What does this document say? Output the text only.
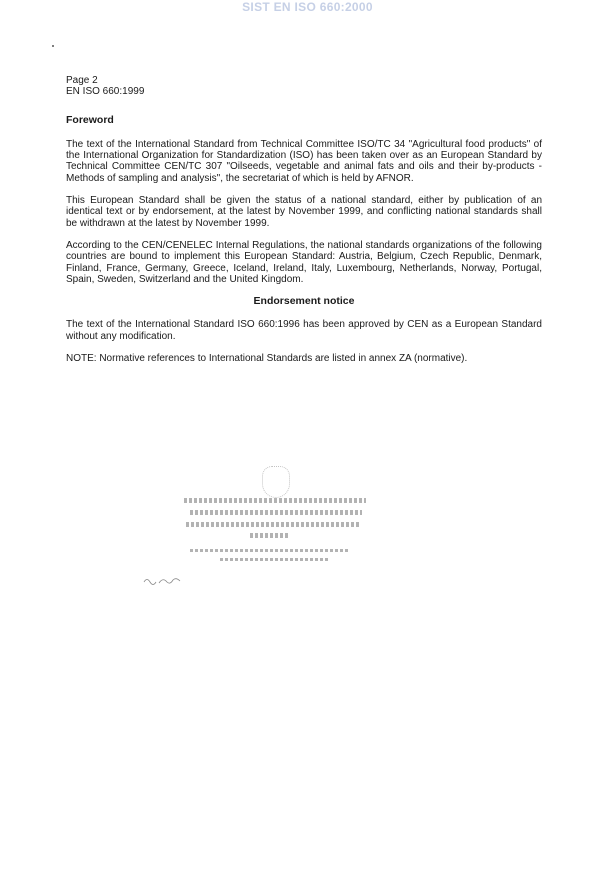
SIST EN ISO 660:2000
Page 2
EN ISO 660:1999
Foreword

The text of the International Standard from Technical Committee ISO/TC 34 "Agricultural food products" of the International Organization for Standardization (ISO) has been taken over as an European Standard by Technical Committee CEN/TC 307 "Oilseeds, vegetable and animal fats and oils and their by-products - Methods of sampling and analysis", the secretariat of which is held by AFNOR.

This European Standard shall be given the status of a national standard, either by publication of an identical text or by endorsement, at the latest by November 1999, and conflicting national standards shall be withdrawn at the latest by November 1999.

According to the CEN/CENELEC Internal Regulations, the national standards organizations of the following countries are bound to implement this European Standard: Austria, Belgium, Czech Republic, Denmark, Finland, France, Germany, Greece, Iceland, Ireland, Italy, Luxembourg, Netherlands, Norway, Portugal, Spain, Sweden, Switzerland and the United Kingdom.

Endorsement notice

The text of the International Standard ISO 660:1996 has been approved by CEN as a European Standard without any modification.

NOTE: Normative references to International Standards are listed in annex ZA (normative).
